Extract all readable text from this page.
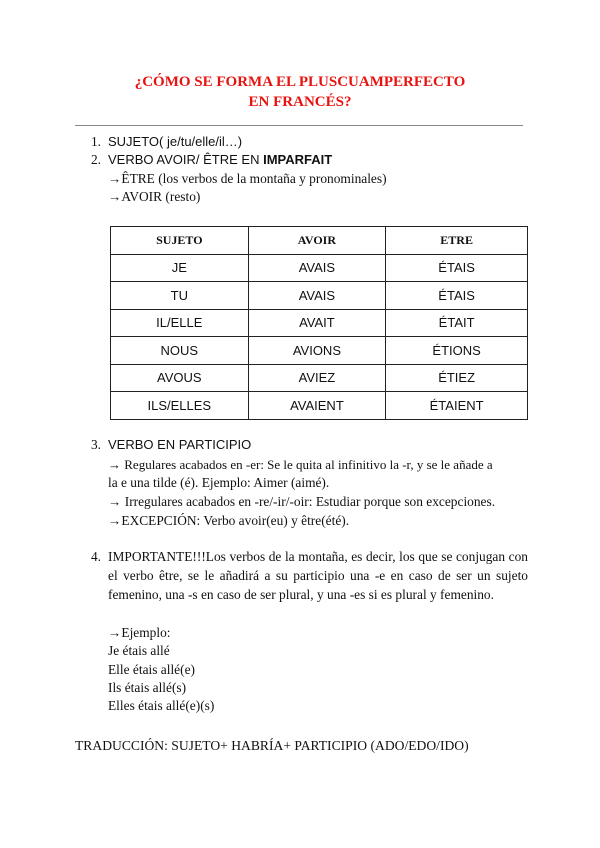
¿CÓMO SE FORMA EL PLUSCUAMPERFECTO
EN FRANCÉS?
1. SUJETO( je/tu/elle/il…)
2. VERBO AVOIR/ ÊTRE EN IMPARFAIT
→ÊTRE (los verbos de la montaña y pronominales)
→AVOIR (resto)
SUJETO	AVOIR	ETRE
JE	AVAIS	ÉTAIS
TU	AVAIS	ÉTAIS
IL/ELLE	AVAIT	ÉTAIT
NOUS	AVIONS	ÉTIONS
AVOUS	AVIEZ	ÉTIEZ
ILS/ELLES	AVAIENT	ÉTAIENT
3. VERBO EN PARTICIPIO
→ Regulares acabados en -er: Se le quita al infinitivo la -r, y se le añade a
la e una tilde (é). Ejemplo: Aimer (aimé).
→ Irregulares acabados en -re/-ir/-oir: Estudiar porque son excepciones.
→EXCEPCIÓN: Verbo avoir(eu) y être(été).
4. IMPORTANTE!!!Los verbos de la montaña, es decir, los que se conjugan con el verbo être, se le añadirá a su participio una -e en caso de ser un sujeto femenino, una -s en caso de ser plural, y una -es si es plural y femenino.
→Ejemplo:
Je étais allé
Elle étais allé(e)
Ils étais allé(s)
Elles étais allé(e)(s)
TRADUCCIÓN: SUJETO+ HABRÍA+ PARTICIPIO (ADO/EDO/IDO)
